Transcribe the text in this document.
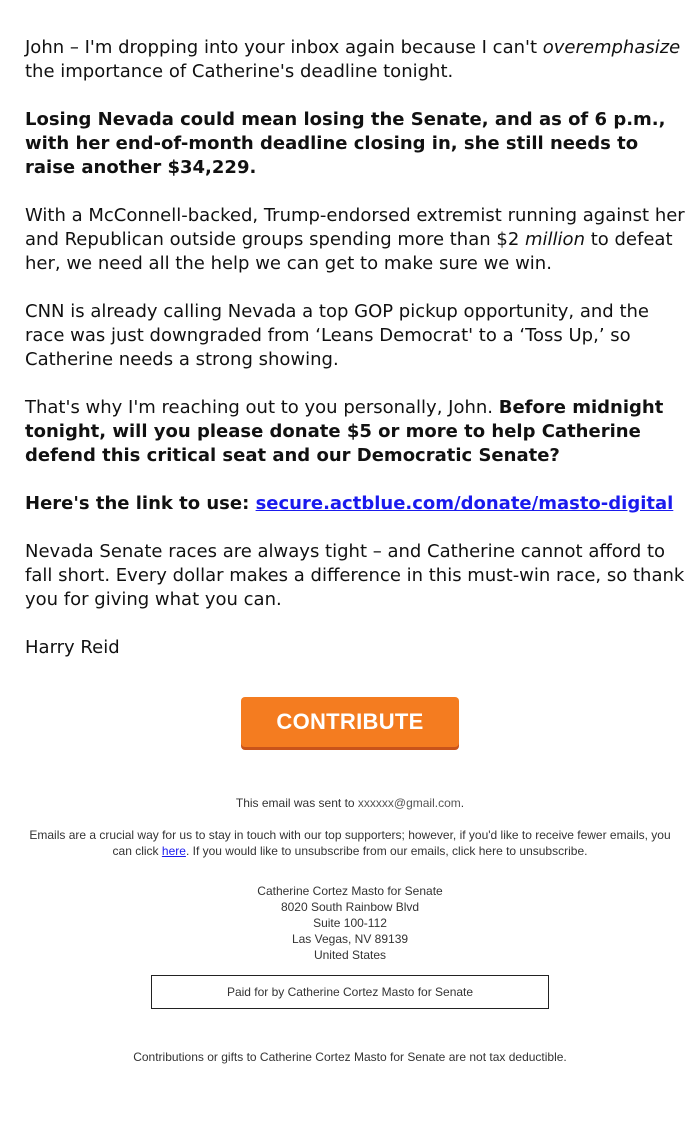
John – I'm dropping into your inbox again because I can't overemphasize the importance of Catherine's deadline tonight.

Losing Nevada could mean losing the Senate, and as of 6 p.m., with her end-of-month deadline closing in, she still needs to raise another $34,229.

With a McConnell-backed, Trump-endorsed extremist running against her and Republican outside groups spending more than $2 million to defeat her, we need all the help we can get to make sure we win.

CNN is already calling Nevada a top GOP pickup opportunity, and the race was just downgraded from ‘Leans Democrat' to a ‘Toss Up,’ so Catherine needs a strong showing.

That's why I'm reaching out to you personally, John. Before midnight tonight, will you please donate $5 or more to help Catherine defend this critical seat and our Democratic Senate?

Here's the link to use: secure.actblue.com/donate/masto-digital

Nevada Senate races are always tight – and Catherine cannot afford to fall short. Every dollar makes a difference in this must-win race, so thank you for giving what you can.

Harry Reid

CONTRIBUTE
This email was sent to xxxxxx@gmail.com.
Emails are a crucial way for us to stay in touch with our top supporters; however, if you'd like to receive fewer emails, you can click here. If you would like to unsubscribe from our emails, click here to unsubscribe.
Catherine Cortez Masto for Senate
8020 South Rainbow Blvd
Suite 100-112
Las Vegas, NV 89139
United States
Paid for by Catherine Cortez Masto for Senate
Contributions or gifts to Catherine Cortez Masto for Senate are not tax deductible.
